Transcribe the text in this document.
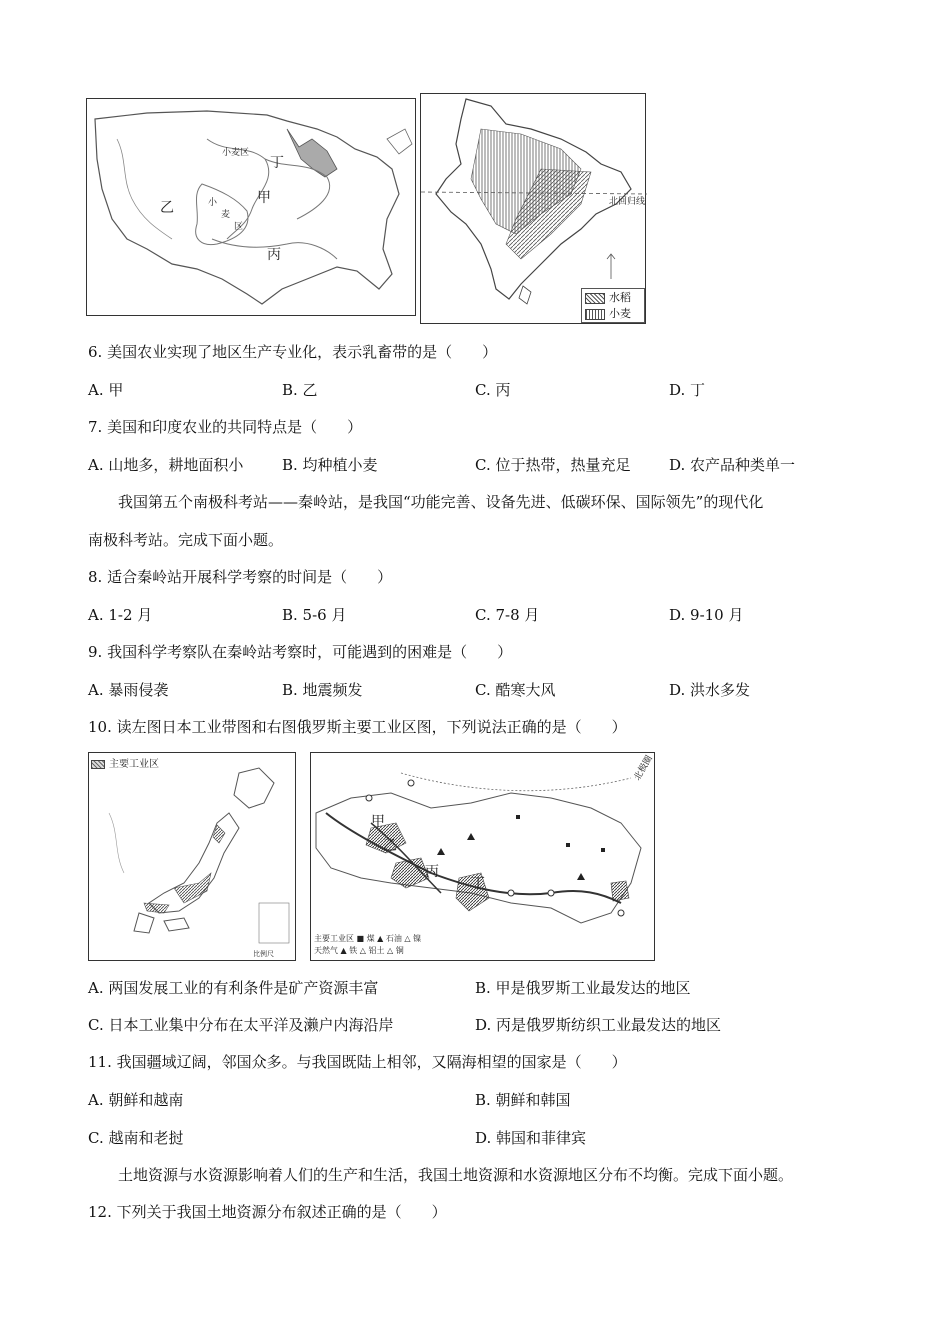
小麦区
丁
甲
乙	小
麦
区
丙
北回归线
水稻
小麦
6. 美国农业实现了地区生产专业化，表示乳畜带的是（　　）
A. 甲	B. 乙	C. 丙	D. 丁
7. 美国和印度农业的共同特点是（　　）
A. 山地多，耕地面积小	B. 均种植小麦	C. 位于热带，热量充足	D. 农产品种类单一
我国第五个南极科考站——秦岭站，是我国“功能完善、设备先进、低碳环保、国际领先”的现代化
南极科考站。完成下面小题。
8. 适合秦岭站开展科学考察的时间是（　　）
A. 1-2 月	B. 5-6 月	C. 7-8 月	D. 9-10 月
9. 我国科学考察队在秦岭站考察时，可能遇到的困难是（　　）
A. 暴雨侵袭	B. 地震频发	C. 酷寒大风	D. 洪水多发
10. 读左图日本工业带图和右图俄罗斯主要工业区图，下列说法正确的是（　　）
主要工业区
比例尺
甲
乙
丙
丁
北极圈
主要工业区 ■ 煤 ▲ 石油 △ 镍
天然气 ▲ 铁 △ 铝土 △ 铜
A. 两国发展工业的有利条件是矿产资源丰富	B. 甲是俄罗斯工业最发达的地区
C. 日本工业集中分布在太平洋及濑户内海沿岸	D. 丙是俄罗斯纺织工业最发达的地区
11. 我国疆域辽阔，邻国众多。与我国既陆上相邻，又隔海相望的国家是（　　）
A. 朝鲜和越南	B. 朝鲜和韩国
C. 越南和老挝	D. 韩国和菲律宾
土地资源与水资源影响着人们的生产和生活，我国土地资源和水资源地区分布不均衡。完成下面小题。
12. 下列关于我国土地资源分布叙述正确的是（　　）
